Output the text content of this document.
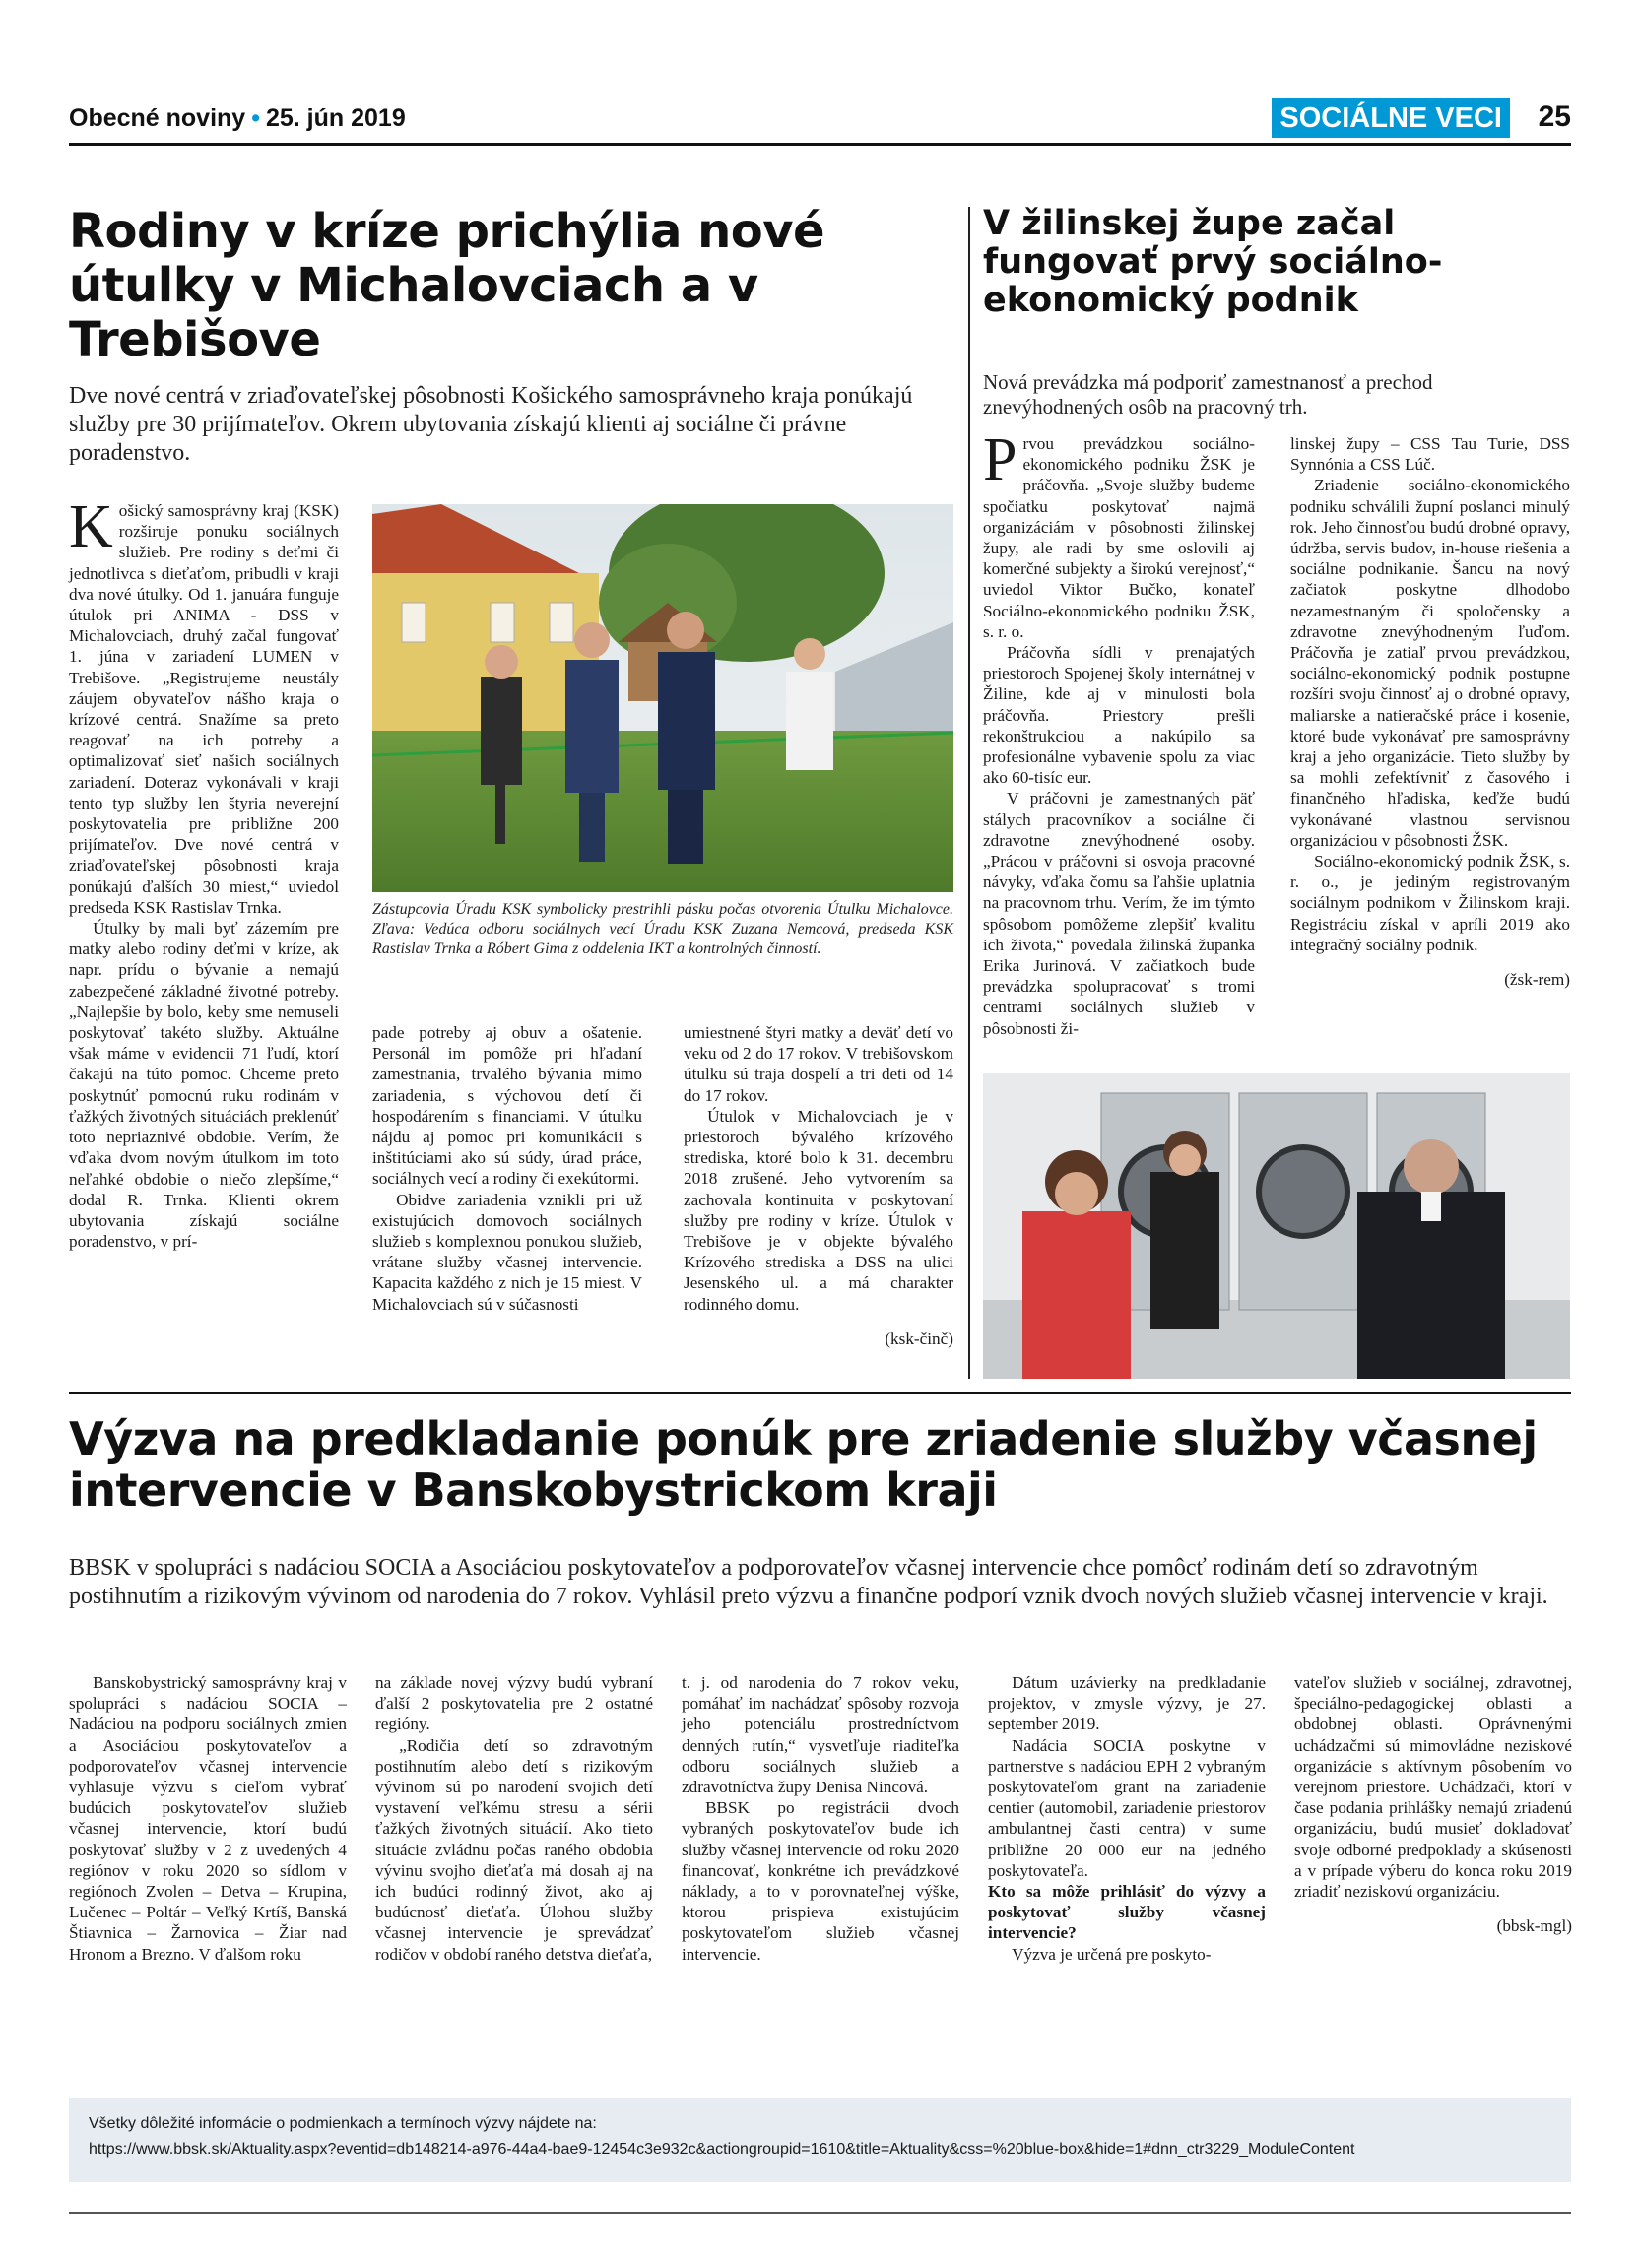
Obecné noviny • 25. jún 2019	SOCIÁLNE VECI 25
Rodiny v kríze prichýlia nové útulky v Michalovciach a v Trebišove

Dve nové centrá v zriaďovateľskej pôsobnosti Košického samosprávneho kraja ponúkajú služby pre 30 prijímateľov. Okrem ubytovania získajú klienti aj sociálne či právne poradenstvo.

Košický samosprávny kraj (KSK) rozširuje ponuku sociálnych služieb. Pre rodiny s deťmi či jednotlivca s dieťaťom, pribudli v kraji dva nové útulky. Od 1. januára funguje útulok pri ANIMA - DSS v Michalovciach, druhý začal fungovať 1. júna v zariadení LUMEN v Trebišove. „Registrujeme neustály záujem obyvateľov nášho kraja o krízové centrá. Snažíme sa preto reagovať na ich potreby a optimalizovať sieť našich sociálnych zariadení. Doteraz vykonávali v kraji tento typ služby len štyria neverejní poskytovatelia pre približne 200 prijímateľov. Dve nové centrá v zriaďovateľskej pôsobnosti kraja ponúkajú ďalších 30 miest,“ uviedol predseda KSK Rastislav Trnka.

Útulky by mali byť zázemím pre matky alebo rodiny deťmi v kríze, ak napr. prídu o bývanie a nemajú zabezpečené základné životné potreby. „Najlepšie by bolo, keby sme nemuseli poskytovať takéto služby. Aktuálne však máme v evidencii 71 ľudí, ktorí čakajú na túto pomoc. Chceme preto poskytnúť pomocnú ruku rodinám v ťažkých životných situáciách preklenúť toto nepriaznivé obdobie. Verím, že vďaka dvom novým útulkom im toto neľahké obdobie o niečo zlepšíme,“ dodal R. Trnka. Klienti okrem ubytovania získajú sociálne poradenstvo, v prí-

Zástupcovia Úradu KSK symbolicky prestrihli pásku počas otvorenia Útulku Michalovce. Zľava: Vedúca odboru sociálnych vecí Úradu KSK Zuzana Nemcová, predseda KSK Rastislav Trnka a Róbert Gima z oddelenia IKT a kontrolných činností.

pade potreby aj obuv a ošatenie. Personál im pomôže pri hľadaní zamestnania, trvalého bývania mimo zariadenia, s výchovou detí či hospodárením s financiami. V útulku nájdu aj pomoc pri komunikácii s inštitúciami ako sú súdy, úrad práce, sociálnych vecí a rodiny či exekútormi.

Obidve zariadenia vznikli pri už existujúcich domovoch sociálnych služieb s komplexnou ponukou služieb, vrátane služby včasnej intervencie. Kapacita každého z nich je 15 miest. V Michalovciach sú v súčasnosti

umiestnené štyri matky a deväť detí vo veku od 2 do 17 rokov. V trebišovskom útulku sú traja dospelí a tri deti od 14 do 17 rokov.

Útulok v Michalovciach je v priestoroch bývalého krízového strediska, ktoré bolo k 31. decembru 2018 zrušené. Jeho vytvorením sa zachovala kontinuita v poskytovaní služby pre rodiny v kríze. Útulok v Trebišove je v objekte bývalého Krízového strediska a DSS na ulici Jesenského ul. a má charakter rodinného domu.

(ksk-činč)

V žilinskej župe začal fungovať prvý sociálno-ekonomický podnik

Nová prevádzka má podporiť zamestnanosť a prechod znevýhodnených osôb na pracovný trh.

Prvou prevádzkou sociálno-ekonomického podniku ŽSK je práčovňa. „Svoje služby budeme spočiatku poskytovať najmä organizáciám v pôsobnosti žilinskej župy, ale radi by sme oslovili aj komerčné subjekty a širokú verejnosť,“ uviedol Viktor Bučko, konateľ Sociálno-ekonomického podniku ŽSK, s. r. o.

Práčovňa sídli v prenajatých priestoroch Spojenej školy internátnej v Žiline, kde aj v minulosti bola práčovňa. Priestory prešli rekonštrukciou a nakúpilo sa profesionálne vybavenie spolu za viac ako 60-tisíc eur.

V práčovni je zamestnaných päť stálych pracovníkov a sociálne či zdravotne znevýhodnené osoby. „Prácou v práčovni si osvoja pracovné návyky, vďaka čomu sa ľahšie uplatnia na pracovnom trhu. Verím, že im týmto spôsobom pomôžeme zlepšiť kvalitu ich života,“ povedala žilinská županka Erika Jurinová. V začiatkoch bude prevádzka spolupracovať s tromi centrami sociálnych služieb v pôsobnosti ži-

linskej župy – CSS Tau Turie, DSS Synnónia a CSS Lúč.

Zriadenie sociálno-ekonomického podniku schválili župní poslanci minulý rok. Jeho činnosťou budú drobné opravy, údržba, servis budov, in-house riešenia a sociálne podnikanie. Šancu na nový začiatok poskytne dlhodobo nezamestnaným či spoločensky a zdravotne znevýhodneným ľuďom. Práčovňa je zatiaľ prvou prevádzkou, sociálno-ekonomický podnik postupne rozšíri svoju činnosť aj o drobné opravy, maliarske a natieračské práce i kosenie, ktoré bude vykonávať pre samosprávny kraj a jeho organizácie. Tieto služby by sa mohli zefektívniť z časového i finančného hľadiska, keďže budú vykonávané vlastnou servisnou organizáciou v pôsobnosti ŽSK.

Sociálno-ekonomický podnik ŽSK, s. r. o., je jediným registrovaným sociálnym podnikom v Žilinskom kraji. Registráciu získal v apríli 2019 ako integračný sociálny podnik.

(žsk-rem)

Výzva na predkladanie ponúk pre zriadenie služby včasnej intervencie v Banskobystrickom kraji

BBSK v spolupráci s nadáciou SOCIA a Asociáciou poskytovateľov a podporovateľov včasnej intervencie chce pomôcť rodinám detí so zdravotným postihnutím a rizikovým vývinom od narodenia do 7 rokov. Vyhlásil preto výzvu a finančne podporí vznik dvoch nových služieb včasnej intervencie v kraji.

Banskobystrický samosprávny kraj v spolupráci s nadáciou SOCIA – Nadáciou na podporu sociálnych zmien a Asociáciou poskytovateľov a podporovateľov včasnej intervencie vyhlasuje výzvu s cieľom vybrať budúcich poskytovateľov služieb včasnej intervencie, ktorí budú poskytovať služby v 2 z uvedených 4 regiónov v roku 2020 so sídlom v regiónoch Zvolen – Detva – Krupina, Lučenec – Poltár – Veľký Krtíš, Banská Štiavnica – Žarnovica – Žiar nad Hronom a Brezno. V ďalšom roku

na základe novej výzvy budú vybraní ďalší 2 poskytovatelia pre 2 ostatné regióny.

„Rodičia detí so zdravotným postihnutím alebo detí s rizikovým vývinom sú po narodení svojich detí vystavení veľkému stresu a sérii ťažkých životných situácií. Ako tieto situácie zvládnu počas raného obdobia vývinu svojho dieťaťa má dosah aj na ich budúci rodinný život, ako aj budúcnosť dieťaťa. Úlohou služby včasnej intervencie je sprevádzať rodičov v období raného detstva dieťaťa,

t. j. od narodenia do 7 rokov veku, pomáhať im nachádzať spôsoby rozvoja jeho potenciálu prostredníctvom denných rutín,“ vysvetľuje riaditeľka odboru sociálnych služieb a zdravotníctva župy Denisa Nincová.

BBSK po registrácii dvoch vybraných poskytovateľov bude ich služby včasnej intervencie od roku 2020 financovať, konkrétne ich prevádzkové náklady, a to v porovnateľnej výške, ktorou prispieva existujúcim poskytovateľom služieb včasnej intervencie.

Dátum uzávierky na predkladanie projektov, v zmysle výzvy, je 27. september 2019.

Nadácia SOCIA poskytne v partnerstve s nadáciou EPH 2 vybraným poskytovateľom grant na zariadenie centier (automobil, zariadenie priestorov ambulantnej časti centra) v sume približne 20 000 eur na jedného poskytovateľa.

Kto sa môže prihlásiť do výzvy a poskytovať služby včasnej intervencie?

Výzva je určená pre poskyto-

vateľov služieb v sociálnej, zdravotnej, špeciálno-pedagogickej oblasti a obdobnej oblasti. Oprávnenými uchádzačmi sú mimovládne neziskové organizácie s aktívnym pôsobením vo verejnom priestore. Uchádzači, ktorí v čase podania prihlášky nemajú zriadenú organizáciu, budú musieť dokladovať svoje odborné predpoklady a skúsenosti a v prípade výberu do konca roku 2019 zriadiť neziskovú organizáciu.

(bbsk-mgl)

Všetky dôležité informácie o podmienkach a termínoch výzvy nájdete na:
https://www.bbsk.sk/Aktuality.aspx?eventid=db148214-a976-44a4-bae9-12454c3e932c&actiongroupid=1610&title=Aktuality&css=%20blue-box&hide=1#dnn_ctr3229_ModuleContent
